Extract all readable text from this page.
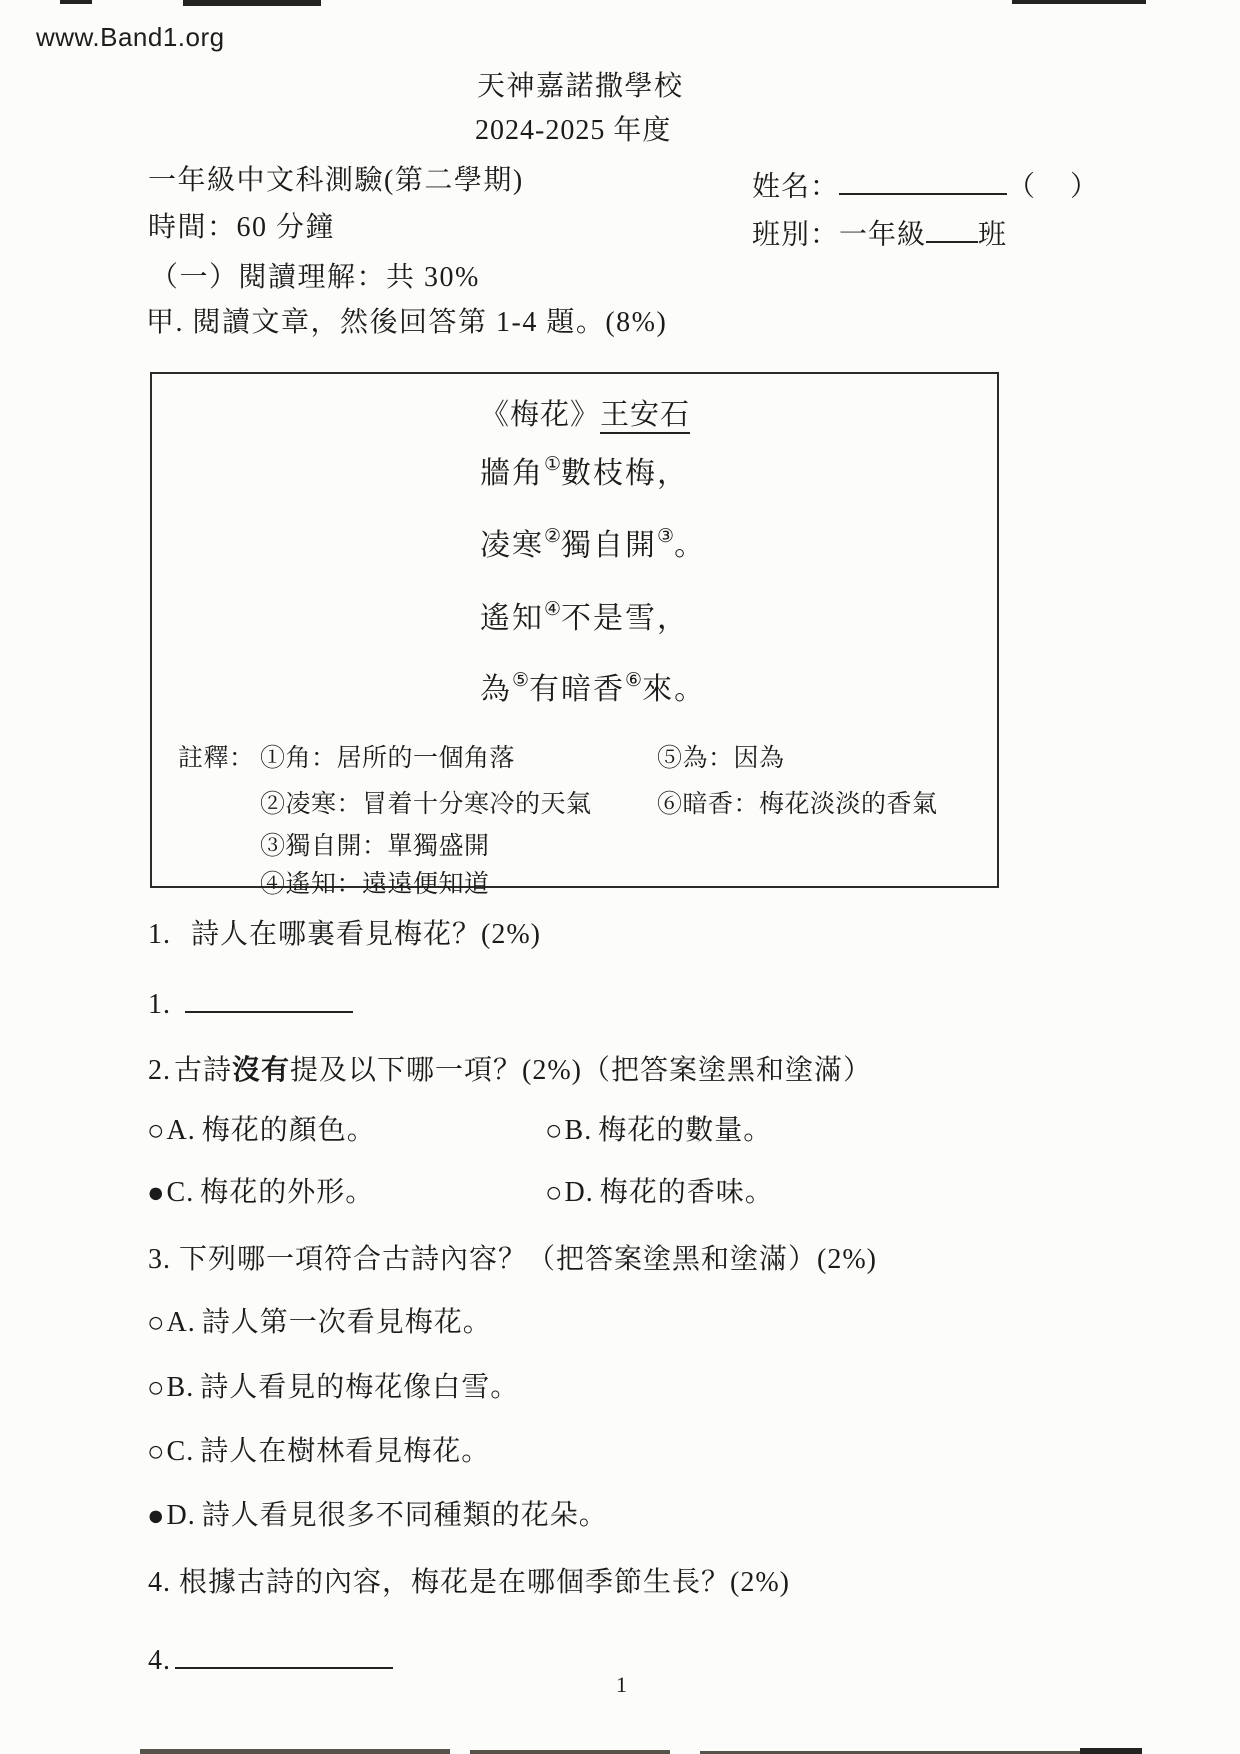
www.Band1.org
天神嘉諾撒學校
2024-2025 年度
一年級中文科測驗(第二學期)	姓名：	（ ）
時間：60 分鐘	班別：一年級 班
（一）閱讀理解：共 30%
甲. 閱讀文章，然後回答第 1-4 題。(8%)
《梅花》王安石
牆角①數枝梅，
凌寒②獨自開③。
遙知④不是雪，
為⑤有暗香⑥來。
註釋： ①角：居所的一個角落	⑤為：因為
②凌寒：冒着十分寒冷的天氣	⑥暗香：梅花淡淡的香氣
③獨自開：單獨盛開
④遙知：遠遠便知道
1. 詩人在哪裏看見梅花？(2%)
1.
2. 古詩沒有提及以下哪一項？(2%)（把答案塗黑和塗滿）
○A. 梅花的顏色。	○B. 梅花的數量。
●C. 梅花的外形。	○D. 梅花的香味。
3. 下列哪一項符合古詩內容？（把答案塗黑和塗滿）(2%)
○A. 詩人第一次看見梅花。
○B. 詩人看見的梅花像白雪。
○C. 詩人在樹林看見梅花。
●D. 詩人看見很多不同種類的花朵。
4. 根據古詩的內容，梅花是在哪個季節生長？(2%)
4.
1
